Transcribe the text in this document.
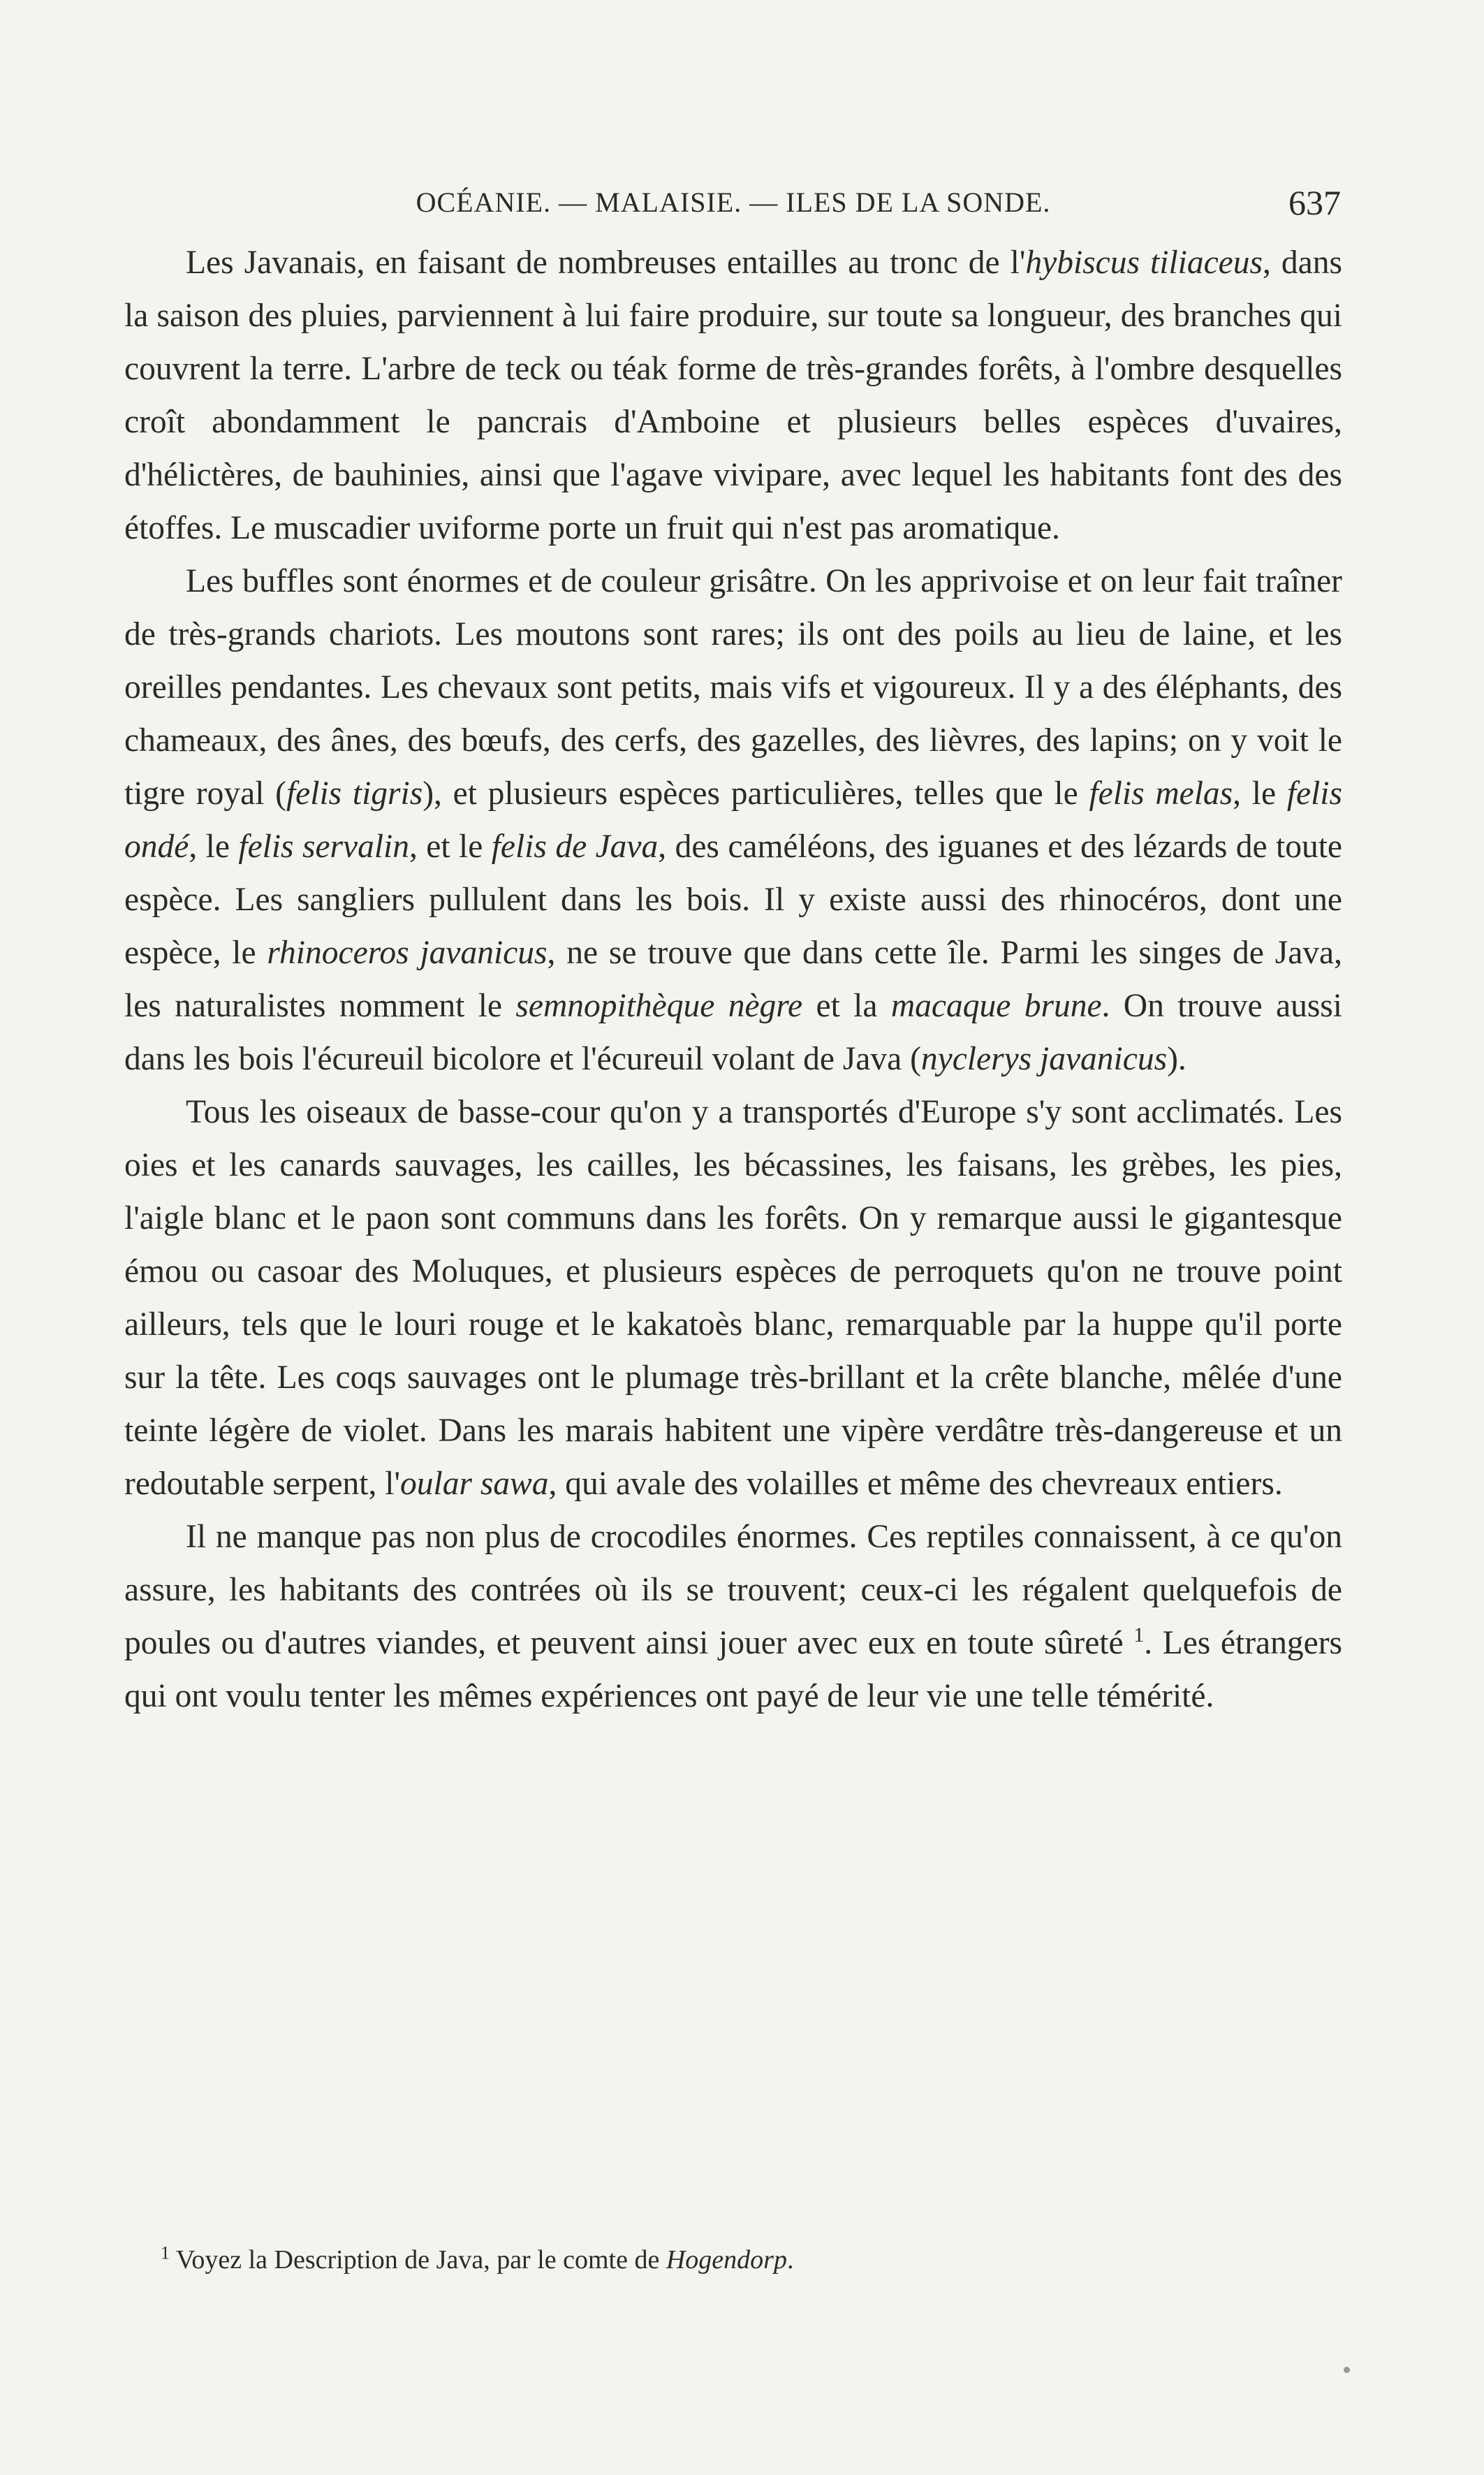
OCÉANIE. — MALAISIE. — ILES DE LA SONDE.	637

Les Javanais, en faisant de nombreuses entailles au tronc de l'hybiscus tiliaceus, dans la saison des pluies, parviennent à lui faire produire, sur toute sa longueur, des branches qui couvrent la terre. L'arbre de teck ou téak forme de très-grandes forêts, à l'ombre desquelles croît abondamment le pancrais d'Amboine et plusieurs belles espèces d'uvaires, d'hélictères, de bauhinies, ainsi que l'agave vivipare, avec lequel les habitants font des des étoffes. Le muscadier uviforme porte un fruit qui n'est pas aromatique.

Les buffles sont énormes et de couleur grisâtre. On les apprivoise et on leur fait traîner de très-grands chariots. Les moutons sont rares; ils ont des poils au lieu de laine, et les oreilles pendantes. Les chevaux sont petits, mais vifs et vigoureux. Il y a des éléphants, des chameaux, des ânes, des bœufs, des cerfs, des gazelles, des lièvres, des lapins; on y voit le tigre royal (felis tigris), et plusieurs espèces particulières, telles que le felis melas, le felis ondé, le felis servalin, et le felis de Java, des caméléons, des iguanes et des lézards de toute espèce. Les sangliers pullulent dans les bois. Il y existe aussi des rhinocéros, dont une espèce, le rhinoceros javanicus, ne se trouve que dans cette île. Parmi les singes de Java, les naturalistes nomment le semnopithèque nègre et la macaque brune. On trouve aussi dans les bois l'écureuil bicolore et l'écureuil volant de Java (nyclerys javanicus).

Tous les oiseaux de basse-cour qu'on y a transportés d'Europe s'y sont acclimatés. Les oies et les canards sauvages, les cailles, les bécassines, les faisans, les grèbes, les pies, l'aigle blanc et le paon sont communs dans les forêts. On y remarque aussi le gigantesque émou ou casoar des Moluques, et plusieurs espèces de perroquets qu'on ne trouve point ailleurs, tels que le louri rouge et le kakatoès blanc, remarquable par la huppe qu'il porte sur la tête. Les coqs sauvages ont le plumage très-brillant et la crête blanche, mêlée d'une teinte légère de violet. Dans les marais habitent une vipère verdâtre très-dangereuse et un redoutable serpent, l'oular sawa, qui avale des volailles et même des chevreaux entiers.

Il ne manque pas non plus de crocodiles énormes. Ces reptiles connaissent, à ce qu'on assure, les habitants des contrées où ils se trouvent; ceux-ci les régalent quelquefois de poules ou d'autres viandes, et peuvent ainsi jouer avec eux en toute sûreté $^1$. Les étrangers qui ont voulu tenter les mêmes expériences ont payé de leur vie une telle témérité.

$^1$ Voyez la Description de Java, par le comte de Hogendorp.
